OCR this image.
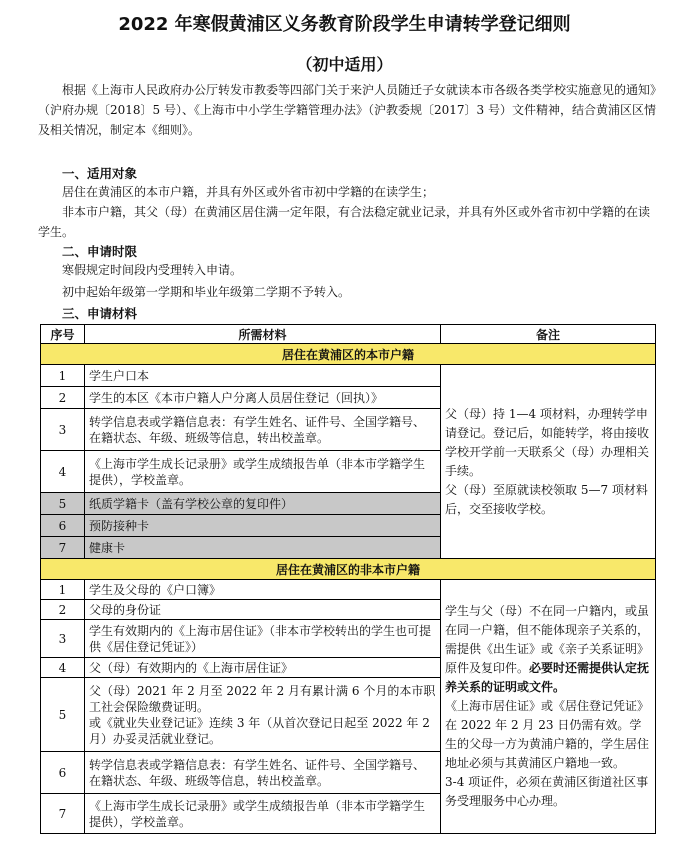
2022 年寒假黄浦区义务教育阶段学生申请转学登记细则
（初中适用）

根据《上海市人民政府办公厅转发市教委等四部门关于来沪人员随迁子女就读本市各级各类学校实施意见的通知》（沪府办规〔2018〕5 号）、《上海市中小学生学籍管理办法》（沪教委规〔2017〕3 号）文件精神，结合黄浦区区情及相关情况，制定本《细则》。

一、适用对象

居住在黄浦区的本市户籍，并具有外区或外省市初中学籍的在读学生；

非本市户籍，其父（母）在黄浦区居住满一定年限，有合法稳定就业记录，并具有外区或外省市初中学籍的在读学生。

二、申请时限

寒假规定时间段内受理转入申请。

初中起始年级第一学期和毕业年级第二学期不予转入。

三、申请材料
序号	所需材料	备注
居住在黄浦区的本市户籍		
1	学生户口本	父（母）持 1—4 项材料，办理转学申请登记。登记后，如能转学，将由接收学校开学前一天联系父（母）办理相关手续。
父（母）至原就读校领取 5—7 项材料后，交至接收学校。

2	学生的本区《本市户籍人户分离人员居住登记（回执）》	
3	转学信息表或学籍信息表：有学生姓名、证件号、全国学籍号、在籍状态、年级、班级等信息，转出校盖章。	
4	《上海市学生成长记录册》或学生成绩报告单（非本市学籍学生提供），学校盖章。	
5	纸质学籍卡（盖有学校公章的复印件）	
6	预防接种卡	
7	健康卡	
居住在黄浦区的非本市户籍		
1	学生及父母的《户口簿》	学生与父（母）不在同一户籍内，或虽在同一户籍，但不能体现亲子关系的，需提供《出生证》或《亲子关系证明》原件及复印件。必要时还需提供认定抚养关系的证明或文件。
《上海市居住证》或《居住登记凭证》在 2022 年 2 月 23 日仍需有效。学生的父母一方为黄浦户籍的，学生居住地址必须与其黄浦区户籍地一致。
3-4 项证件，必须在黄浦区街道社区事务受理服务中心办理。

2	父母的身份证	
3	学生有效期内的《上海市居住证》（非本市学校转出的学生也可提供《居住登记凭证》）	
4	父（母）有效期内的《上海市居住证》	
5	父（母）2021 年 2 月至 2022 年 2 月有累计满 6 个月的本市职工社会保险缴费证明。
或《就业失业登记证》连续 3 年（从首次登记日起至 2022 年 2 月）办妥灵活就业登记。	

6	转学信息表或学籍信息表：有学生姓名、证件号、全国学籍号、在籍状态、年级、班级等信息，转出校盖章。	
7	《上海市学生成长记录册》或学生成绩报告单（非本市学籍学生提供），学校盖章。	
